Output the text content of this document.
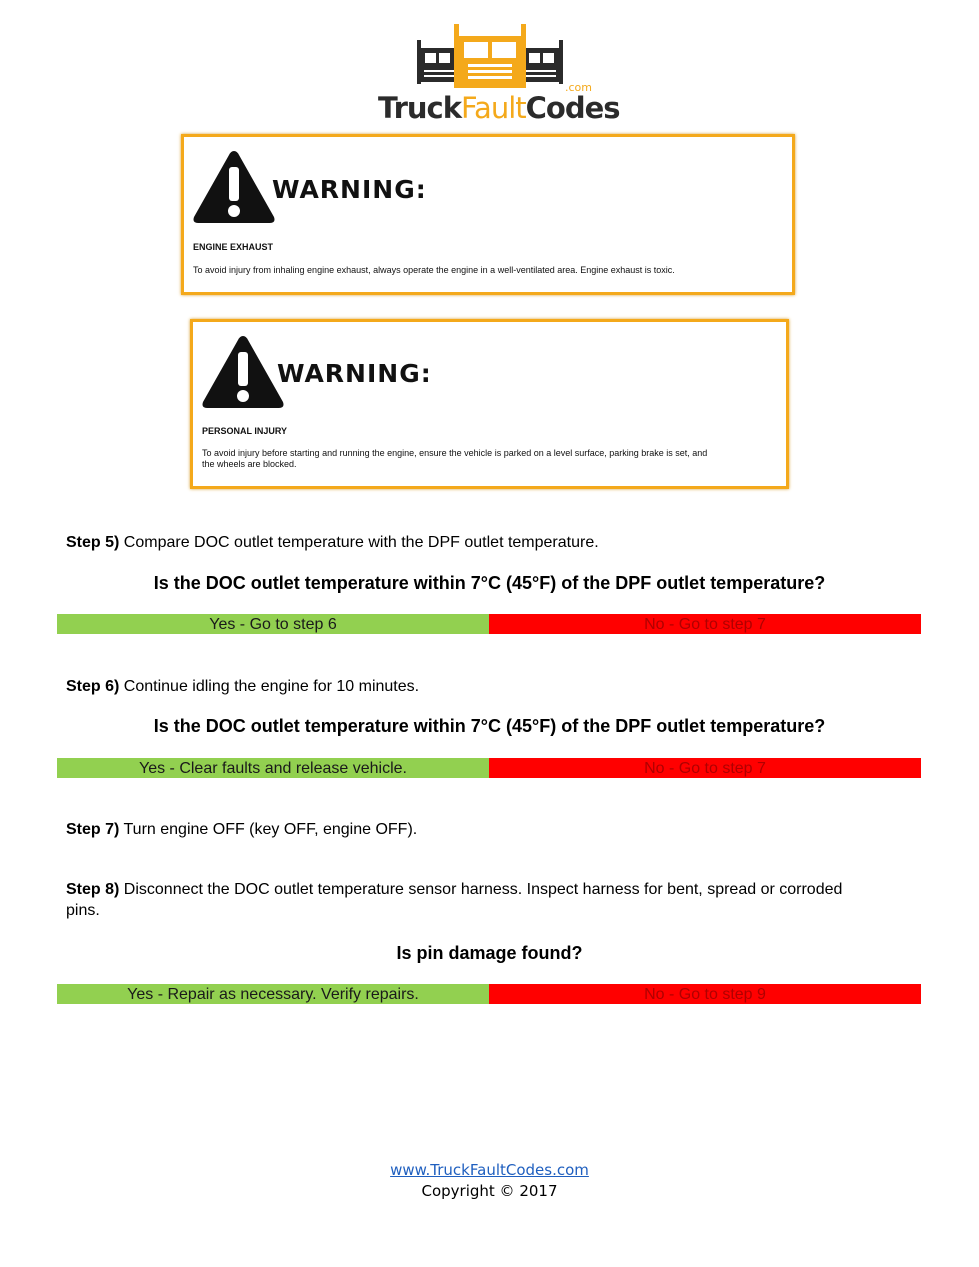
TruckFaultCodes
.com
WARNING:
ENGINE EXHAUST
To avoid injury from inhaling engine exhaust, always operate the engine in a well-ventilated area. Engine exhaust is toxic.
WARNING:
PERSONAL INJURY
To avoid injury before starting and running the engine, ensure the vehicle is parked on a level surface, parking brake is set, and
the wheels are blocked.
Step 5) Compare DOC outlet temperature with the DPF outlet temperature.
Is the DOC outlet temperature within 7°C (45°F) of the DPF outlet temperature?
Yes - Go to step 6	No - Go to step 7
Step 6) Continue idling the engine for 10 minutes.
Is the DOC outlet temperature within 7°C (45°F) of the DPF outlet temperature?
Yes - Clear faults and release vehicle.	No - Go to step 7
Step 7) Turn engine OFF (key OFF, engine OFF).
Step 8) Disconnect the DOC outlet temperature sensor harness. Inspect harness for bent, spread or corroded pins.
Is pin damage found?
Yes - Repair as necessary. Verify repairs.	No - Go to step 9
www.TruckFaultCodes.com
Copyright © 2017
